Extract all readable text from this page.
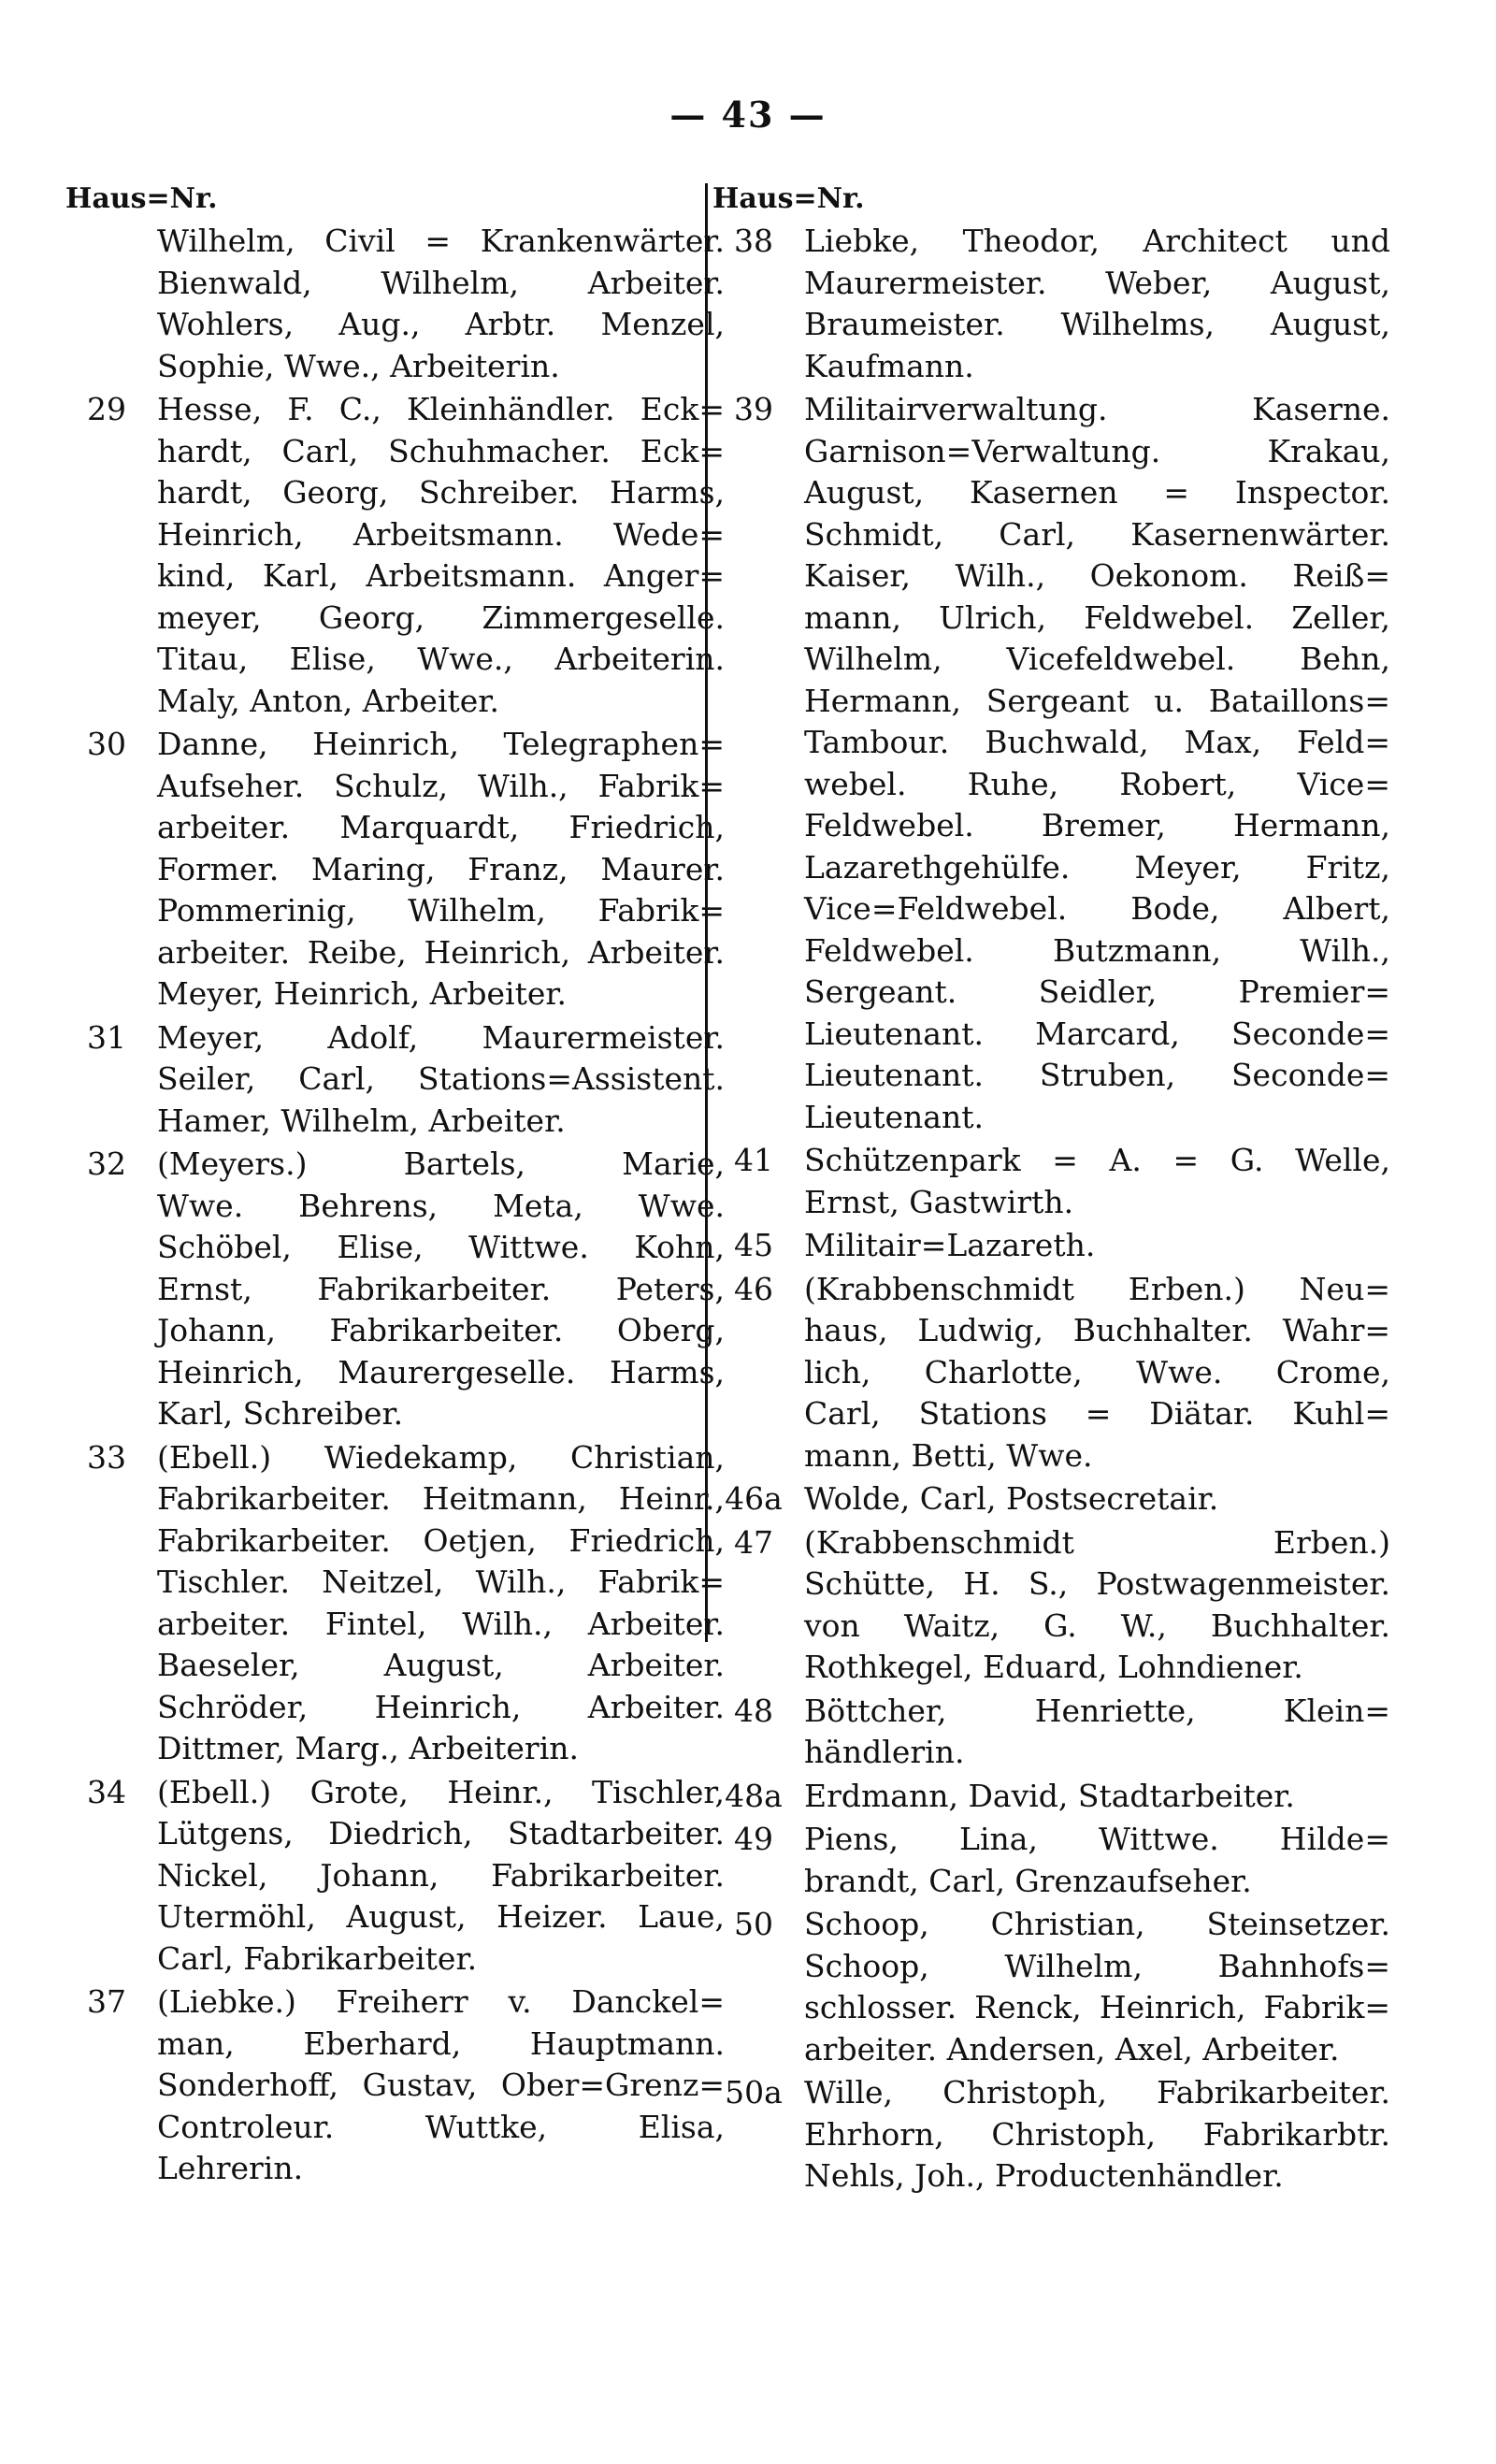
— 43 —
Haus=Nr.
Wilhelm, Civil = Krankenwärter.
Bienwald, Wilhelm, Arbeiter.
Wohlers, Aug., Arbtr. Menzel,
Sophie, Wwe., Arbeiterin.
29	Hesse, F. C., Kleinhändler. Eck=
hardt, Carl, Schuhmacher. Eck=
hardt, Georg, Schreiber. Harms,
Heinrich, Arbeitsmann. Wede=
kind, Karl, Arbeitsmann. Anger=
meyer, Georg, Zimmergeselle.
Titau, Elise, Wwe., Arbeiterin.
Maly, Anton, Arbeiter.
30	Danne, Heinrich, Telegraphen=
Aufseher. Schulz, Wilh., Fabrik=
arbeiter. Marquardt, Friedrich,
Former. Maring, Franz, Maurer.
Pommerinig, Wilhelm, Fabrik=
arbeiter. Reibe, Heinrich, Arbeiter.
Meyer, Heinrich, Arbeiter.
31	Meyer, Adolf, Maurermeister.
Seiler, Carl, Stations=Assistent.
Hamer, Wilhelm, Arbeiter.
32	(Meyers.) Bartels, Marie,
Wwe. Behrens, Meta, Wwe.
Schöbel, Elise, Wittwe. Kohn,
Ernst, Fabrikarbeiter. Peters,
Johann, Fabrikarbeiter. Oberg,
Heinrich, Maurergeselle. Harms,
Karl, Schreiber.
33	(Ebell.) Wiedekamp, Christian,
Fabrikarbeiter. Heitmann, Heinr.,
Fabrikarbeiter. Oetjen, Friedrich,
Tischler. Neitzel, Wilh., Fabrik=
arbeiter. Fintel, Wilh., Arbeiter.
Baeseler, August, Arbeiter.
Schröder, Heinrich, Arbeiter.
Dittmer, Marg., Arbeiterin.
34	(Ebell.) Grote, Heinr., Tischler,
Lütgens, Diedrich, Stadtarbeiter.
Nickel, Johann, Fabrikarbeiter.
Utermöhl, August, Heizer. Laue,
Carl, Fabrikarbeiter.
37	(Liebke.) Freiherr v. Danckel=
man, Eberhard, Hauptmann.
Sonderhoff, Gustav, Ober=Grenz=
Controleur. Wuttke, Elisa,
Lehrerin.
Haus=Nr.
38	Liebke, Theodor, Architect und
Maurermeister. Weber, August,
Braumeister. Wilhelms, August,
Kaufmann.
39	Militairverwaltung. Kaserne.
Garnison=Verwaltung. Krakau,
August, Kasernen = Inspector.
Schmidt, Carl, Kasernenwärter.
Kaiser, Wilh., Oekonom. Reiß=
mann, Ulrich, Feldwebel. Zeller,
Wilhelm, Vicefeldwebel. Behn,
Hermann, Sergeant u. Bataillons=
Tambour. Buchwald, Max, Feld=
webel. Ruhe, Robert, Vice=
Feldwebel. Bremer, Hermann,
Lazarethgehülfe. Meyer, Fritz,
Vice=Feldwebel. Bode, Albert,
Feldwebel. Butzmann, Wilh.,
Sergeant. Seidler, Premier=
Lieutenant. Marcard, Seconde=
Lieutenant. Struben, Seconde=
Lieutenant.
41	Schützenpark = A. = G. Welle,
Ernst, Gastwirth.
45	Militair=Lazareth.
46	(Krabbenschmidt Erben.) Neu=
haus, Ludwig, Buchhalter. Wahr=
lich, Charlotte, Wwe. Crome,
Carl, Stations = Diätar. Kuhl=
mann, Betti, Wwe.
46a Wolde, Carl, Postsecretair.
47	(Krabbenschmidt Erben.)
Schütte, H. S., Postwagenmeister.
von Waitz, G. W., Buchhalter.
Rothkegel, Eduard, Lohndiener.
48	Böttcher, Henriette, Klein=
händlerin.
48a Erdmann, David, Stadtarbeiter.
49	Piens, Lina, Wittwe. Hilde=
brandt, Carl, Grenzaufseher.
50	Schoop, Christian, Steinsetzer.
Schoop, Wilhelm, Bahnhofs=
schlosser. Renck, Heinrich, Fabrik=
arbeiter. Andersen, Axel, Arbeiter.
50a Wille, Christoph, Fabrikarbeiter.
Ehrhorn, Christoph, Fabrikarbtr.
Nehls, Joh., Productenhändler.
